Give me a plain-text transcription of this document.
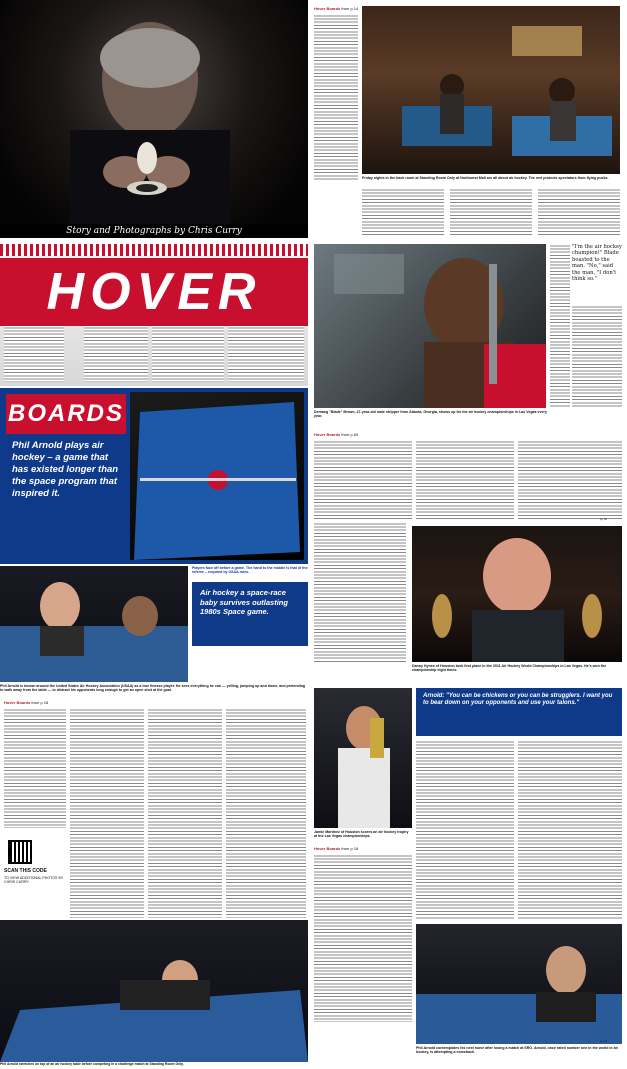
Story and Photographs by Chris Curry
Hover Boards from p 14
Friday nights in the back room at Standing Room Only at Northwest Mall are all about air hockey. The reel protects spectators from flying pucks.
"I'm the air hockey champion!" Blade boasted to the man. "No," said the man, "I don't think so."
Demang "Blade" Brown, 47-year-old male stripper from Atlanta, Georgia, shows up for the air hockey championships in Las Vegas every year.
Hover Boards from p 60
Danny Hynes of Houston took first place in the 2011 Air Hockey World Championships in Las Vegas. He's won the championship eight times.
sp 60
HOVER
BOARDS
Phil Arnold plays air hockey – a game that has existed longer than the space program that inspired it.
Players face off before a game. The hand to the middle is that of the referee – required by USAA rules.
Air hockey a space-race baby survives outlasting 1980s Space game.
Phil Arnold is known around the United States Air Hockey Association (USAA) as a true finesse player. He sees everything he can — yelling, jumping up and down, and pretending to walk away from the table — to distract his opponents long enough to get an open shot at the goal.
Hover Boards from p 18
SCAN THIS CODE
TO VIEW ADDITIONAL PHOTOS BY CHRIS CURRY
Phil Arnold stretches on top of an air hockey table before competing in a challenge match at Standing Room Only.
Arnold: "You can be chickens or you can be strugglers. I want you to bear down on your opponents and use your talons."
Jamie Martinez of Houston scores an air hockey trophy at the Las Vegas championships.
Hover Boards from p 18
Phil Arnold contemplates his next move after losing a match at SRO. Arnold, once rated number one in the world in air hockey, is attempting a comeback.
sp 20
